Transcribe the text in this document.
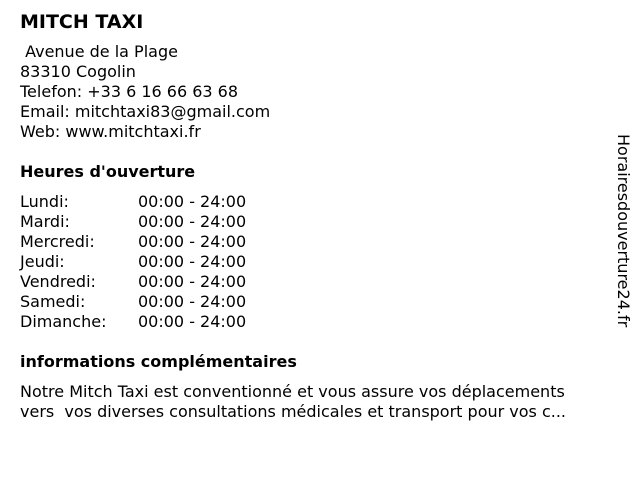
MITCH TAXI
Avenue de la Plage
83310 Cogolin
Telefon: +33 6 16 66 63 68
Email: mitchtaxi83@gmail.com
Web: www.mitchtaxi.fr
Heures d'ouverture
Lundi:	00:00 - 24:00
Mardi:	00:00 - 24:00
Mercredi:	00:00 - 24:00
Jeudi:	00:00 - 24:00
Vendredi:	00:00 - 24:00
Samedi:	00:00 - 24:00
Dimanche:	00:00 - 24:00
informations complémentaires
Notre Mitch Taxi est conventionné et vous assure vos déplacements
vers  vos diverses consultations médicales et transport pour vos c...
Horairesdouverture24.fr
